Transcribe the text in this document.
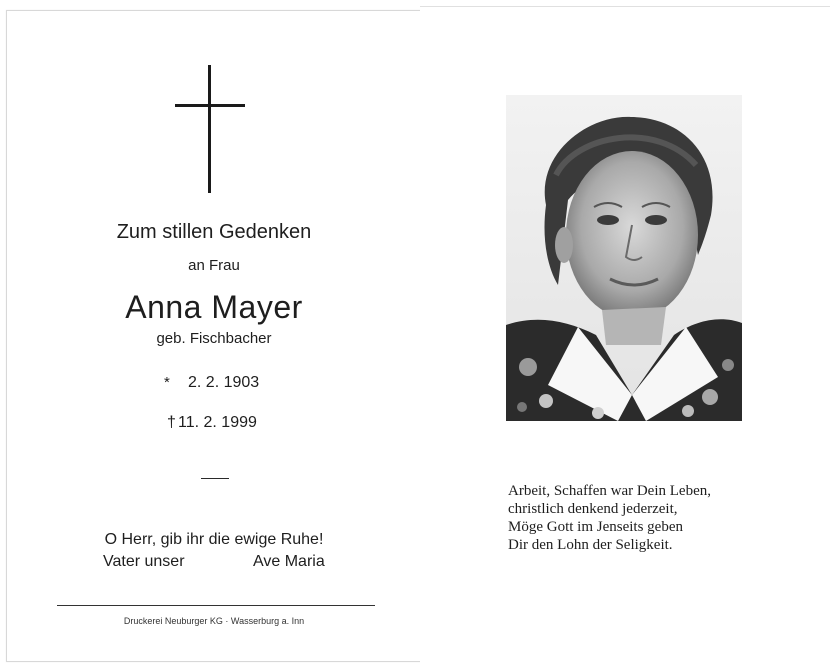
Zum stillen Gedenken
an Frau
Anna Mayer
geb. Fischbacher
* 2. 2. 1903
† 11. 2. 1999
O Herr, gib ihr die ewige Ruhe!
Vater unser	Ave Maria
Druckerei Neuburger KG · Wasserburg a. Inn
Arbeit, Schaffen war Dein Leben,
christlich denkend jederzeit,
Möge Gott im Jenseits geben
Dir den Lohn der Seligkeit.
